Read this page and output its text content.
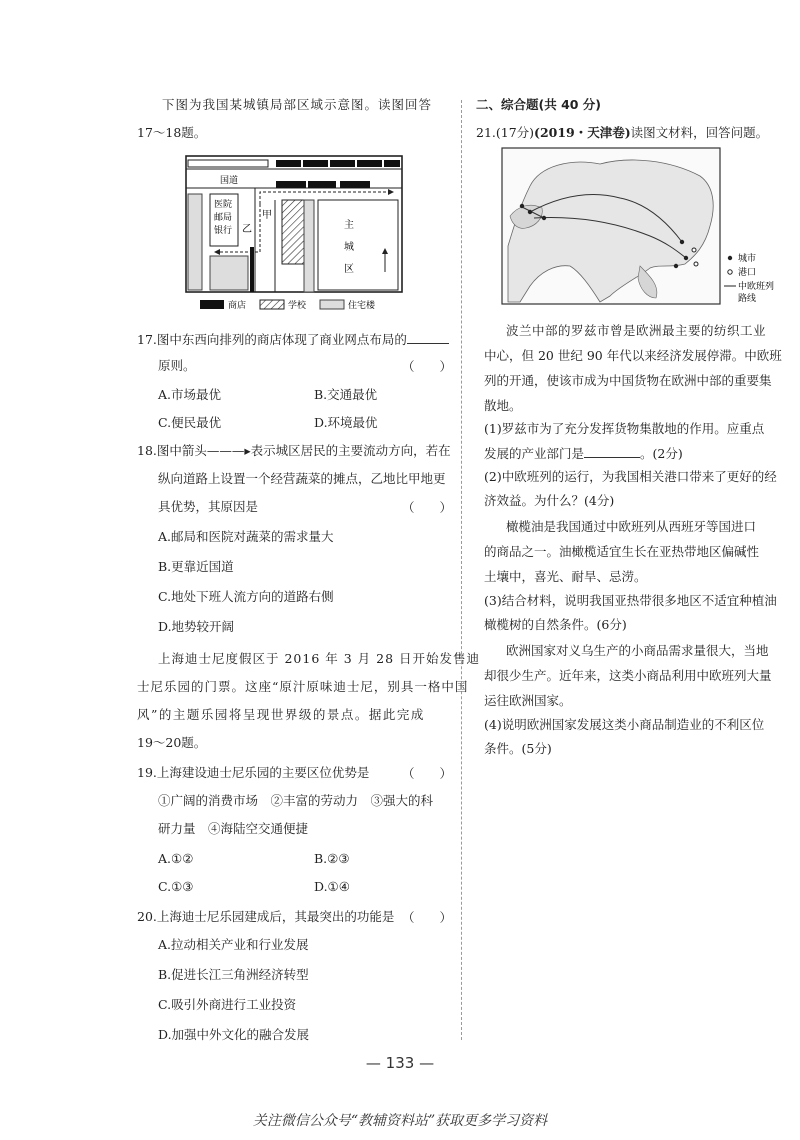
下图为我国某城镇局部区域示意图。读图回答
17～18题。
国道
医院
邮局
银行 乙
甲
主
城
区
商店	学校	住宅楼
17.图中东西向排列的商店体现了商业网点布局的
原则。	（　　）
A.市场最优	B.交通最优
C.便民最优	D.环境最优
18.图中箭头———▸表示城区居民的主要流动方向，若在
纵向道路上设置一个经营蔬菜的摊点，乙地比甲地更
具优势，其原因是	（　　）
A.邮局和医院对蔬菜的需求量大
B.更靠近国道
C.地处下班人流方向的道路右侧
D.地势较开阔
上海迪士尼度假区于 2016 年 3 月 28 日开始发售迪
士尼乐园的门票。这座“原汁原味迪士尼，别具一格中国
风”的主题乐园将呈现世界级的景点。据此完成
19～20题。
19.上海建设迪士尼乐园的主要区位优势是	（　　）
①广阔的消费市场　②丰富的劳动力　③强大的科
研力量　④海陆空交通便捷
A.①②	B.②③
C.①③	D.①④
20.上海迪士尼乐园建成后，其最突出的功能是 （　　）
A.拉动相关产业和行业发展
B.促进长江三角洲经济转型
C.吸引外商进行工业投资
D.加强中外文化的融合发展
二、综合题(共 40 分)
21.(17分)(2019・天津卷)读图文材料，回答问题。
城市
港口
中欧班列
路线
波兰中部的罗兹市曾是欧洲最主要的纺织工业
中心，但 20 世纪 90 年代以来经济发展停滞。中欧班
列的开通，使该市成为中国货物在欧洲中部的重要集
散地。
(1)罗兹市为了充分发挥货物集散地的作用。应重点
发展的产业部门是	。(2分)
(2)中欧班列的运行，为我国相关港口带来了更好的经
济效益。为什么？(4分)
橄榄油是我国通过中欧班列从西班牙等国进口
的商品之一。油橄榄适宜生长在亚热带地区偏碱性
土壤中，喜光、耐旱、忌涝。
(3)结合材料，说明我国亚热带很多地区不适宜种植油
橄榄树的自然条件。(6分)
欧洲国家对义乌生产的小商品需求量很大，当地
却很少生产。近年来，这类小商品利用中欧班列大量
运往欧洲国家。
(4)说明欧洲国家发展这类小商品制造业的不利区位
条件。(5分)
— 133 —
关注微信公众号“教辅资料站”获取更多学习资料
